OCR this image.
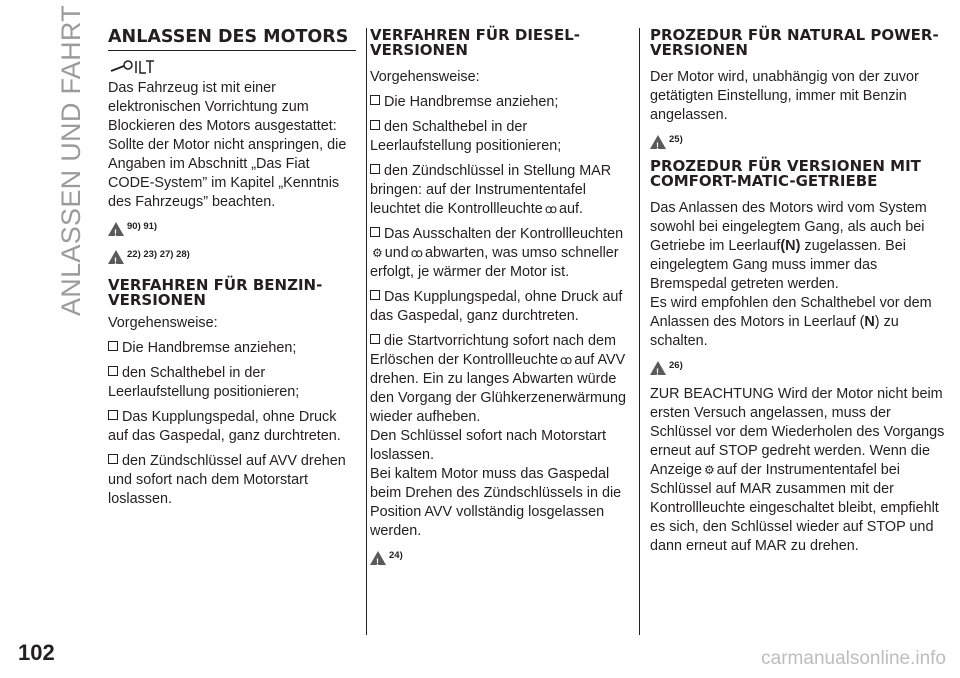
ANLASSEN UND FAHRT ANLASSEN DES MOTORS

Das Fahrzeug ist mit einer elektronischen Vorrichtung zum Blockieren des Motors ausgestattet: Sollte der Motor nicht anspringen, die Angaben im Abschnitt „Das Fiat CODE-System” im Kapitel „Kenntnis des Fahrzeugs” beachten.

!
90) 91)
!
22) 23) 27) 28)
VERFAHREN FÜR BENZIN-VERSIONEN

Vorgehensweise:

Die Handbremse anziehen;
den Schalthebel in der Leerlaufstellung positionieren;
Das Kupplungspedal, ohne Druck auf das Gaspedal, ganz durchtreten.
den Zündschlüssel auf AVV drehen und sofort nach dem Motorstart loslassen.
VERFAHREN FÜR DIESEL-VERSIONEN

Vorgehensweise:

Die Handbremse anziehen;
den Schalthebel in der Leerlaufstellung positionieren;
den Zündschlüssel in Stellung MAR bringen: auf der Instrumententafel leuchtet die Kontrollleuchte ꝏ auf.
Das Ausschalten der Kontrollleuchten⚙ und ꝏ abwarten, was umso schneller erfolgt, je wärmer der Motor ist.
Das Kupplungspedal, ohne Druck auf das Gaspedal, ganz durchtreten.
die Startvorrichtung sofort nach dem Erlöschen der Kontrollleuchte ꝏ auf AVV drehen. Ein zu langes Abwarten würde den Vorgang der Glühkerzenerwärmung wieder aufheben.

Den Schlüssel sofort nach Motorstart loslassen.

Bei kaltem Motor muss das Gaspedal beim Drehen des Zündschlüssels in die Position AVV vollständig losgelassen werden.

!
24)
PROZEDUR FÜR NATURAL POWER-VERSIONEN

Der Motor wird, unabhängig von der zuvor getätigten Einstellung, immer mit Benzin angelassen.

!
25)
PROZEDUR FÜR VERSIONEN MIT COMFORT-MATIC-GETRIEBE

Das Anlassen des Motors wird vom System sowohl bei eingelegtem Gang, als auch bei Getriebe im Leerlauf(N) zugelassen. Bei eingelegtem Gang muss immer das Bremspedal getreten werden.

Es wird empfohlen den Schalthebel vor dem Anlassen des Motors in Leerlauf (N) zu schalten.

!
26)

ZUR BEACHTUNG Wird der Motor nicht beim ersten Versuch angelassen, muss der Schlüssel vor dem Wiederholen des Vorgangs erneut auf STOP gedreht werden. Wenn die Anzeige ⚙ auf der Instrumententafel bei Schlüssel auf MAR zusammen mit der Kontrollleuchte eingeschaltet bleibt, empfiehlt es sich, den Schlüssel wieder auf STOP und dann erneut auf MAR zu drehen.

102	carmanualsonline.info
